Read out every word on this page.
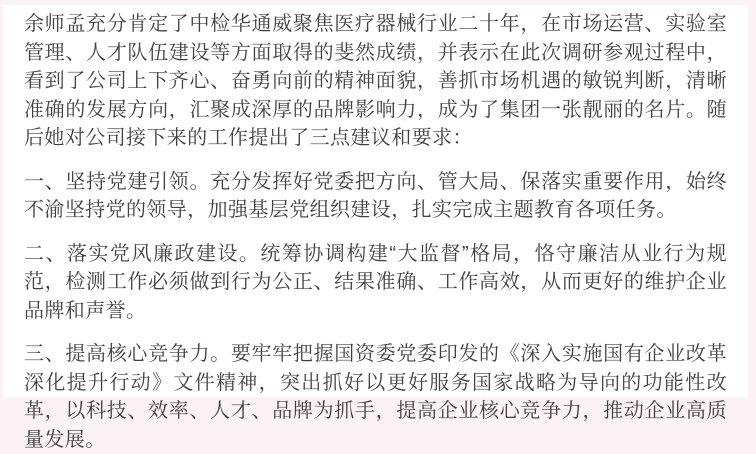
余师孟充分肯定了中检华通威聚焦医疗器械行业二十年，在市场运营、实验室管理、人才队伍建设等方面取得的斐然成绩，并表示在此次调研参观过程中，看到了公司上下齐心、奋勇向前的精神面貌，善抓市场机遇的敏锐判断，清晰准确的发展方向，汇聚成深厚的品牌影响力，成为了集团一张靓丽的名片。随后她对公司接下来的工作提出了三点建议和要求：

一、坚持党建引领。充分发挥好党委把方向、管大局、保落实重要作用，始终不渝坚持党的领导，加强基层党组织建设，扎实完成主题教育各项任务。

二、落实党风廉政建设。统筹协调构建“大监督”格局，恪守廉洁从业行为规范，检测工作必须做到行为公正、结果准确、工作高效，从而更好的维护企业品牌和声誉。

三、提高核心竞争力。要牢牢把握国资委党委印发的《深入实施国有企业改革深化提升行动》文件精神，突出抓好以更好服务国家战略为导向的功能性改革，以科技、效率、人才、品牌为抓手，提高企业核心竞争力，推动企业高质量发展。
